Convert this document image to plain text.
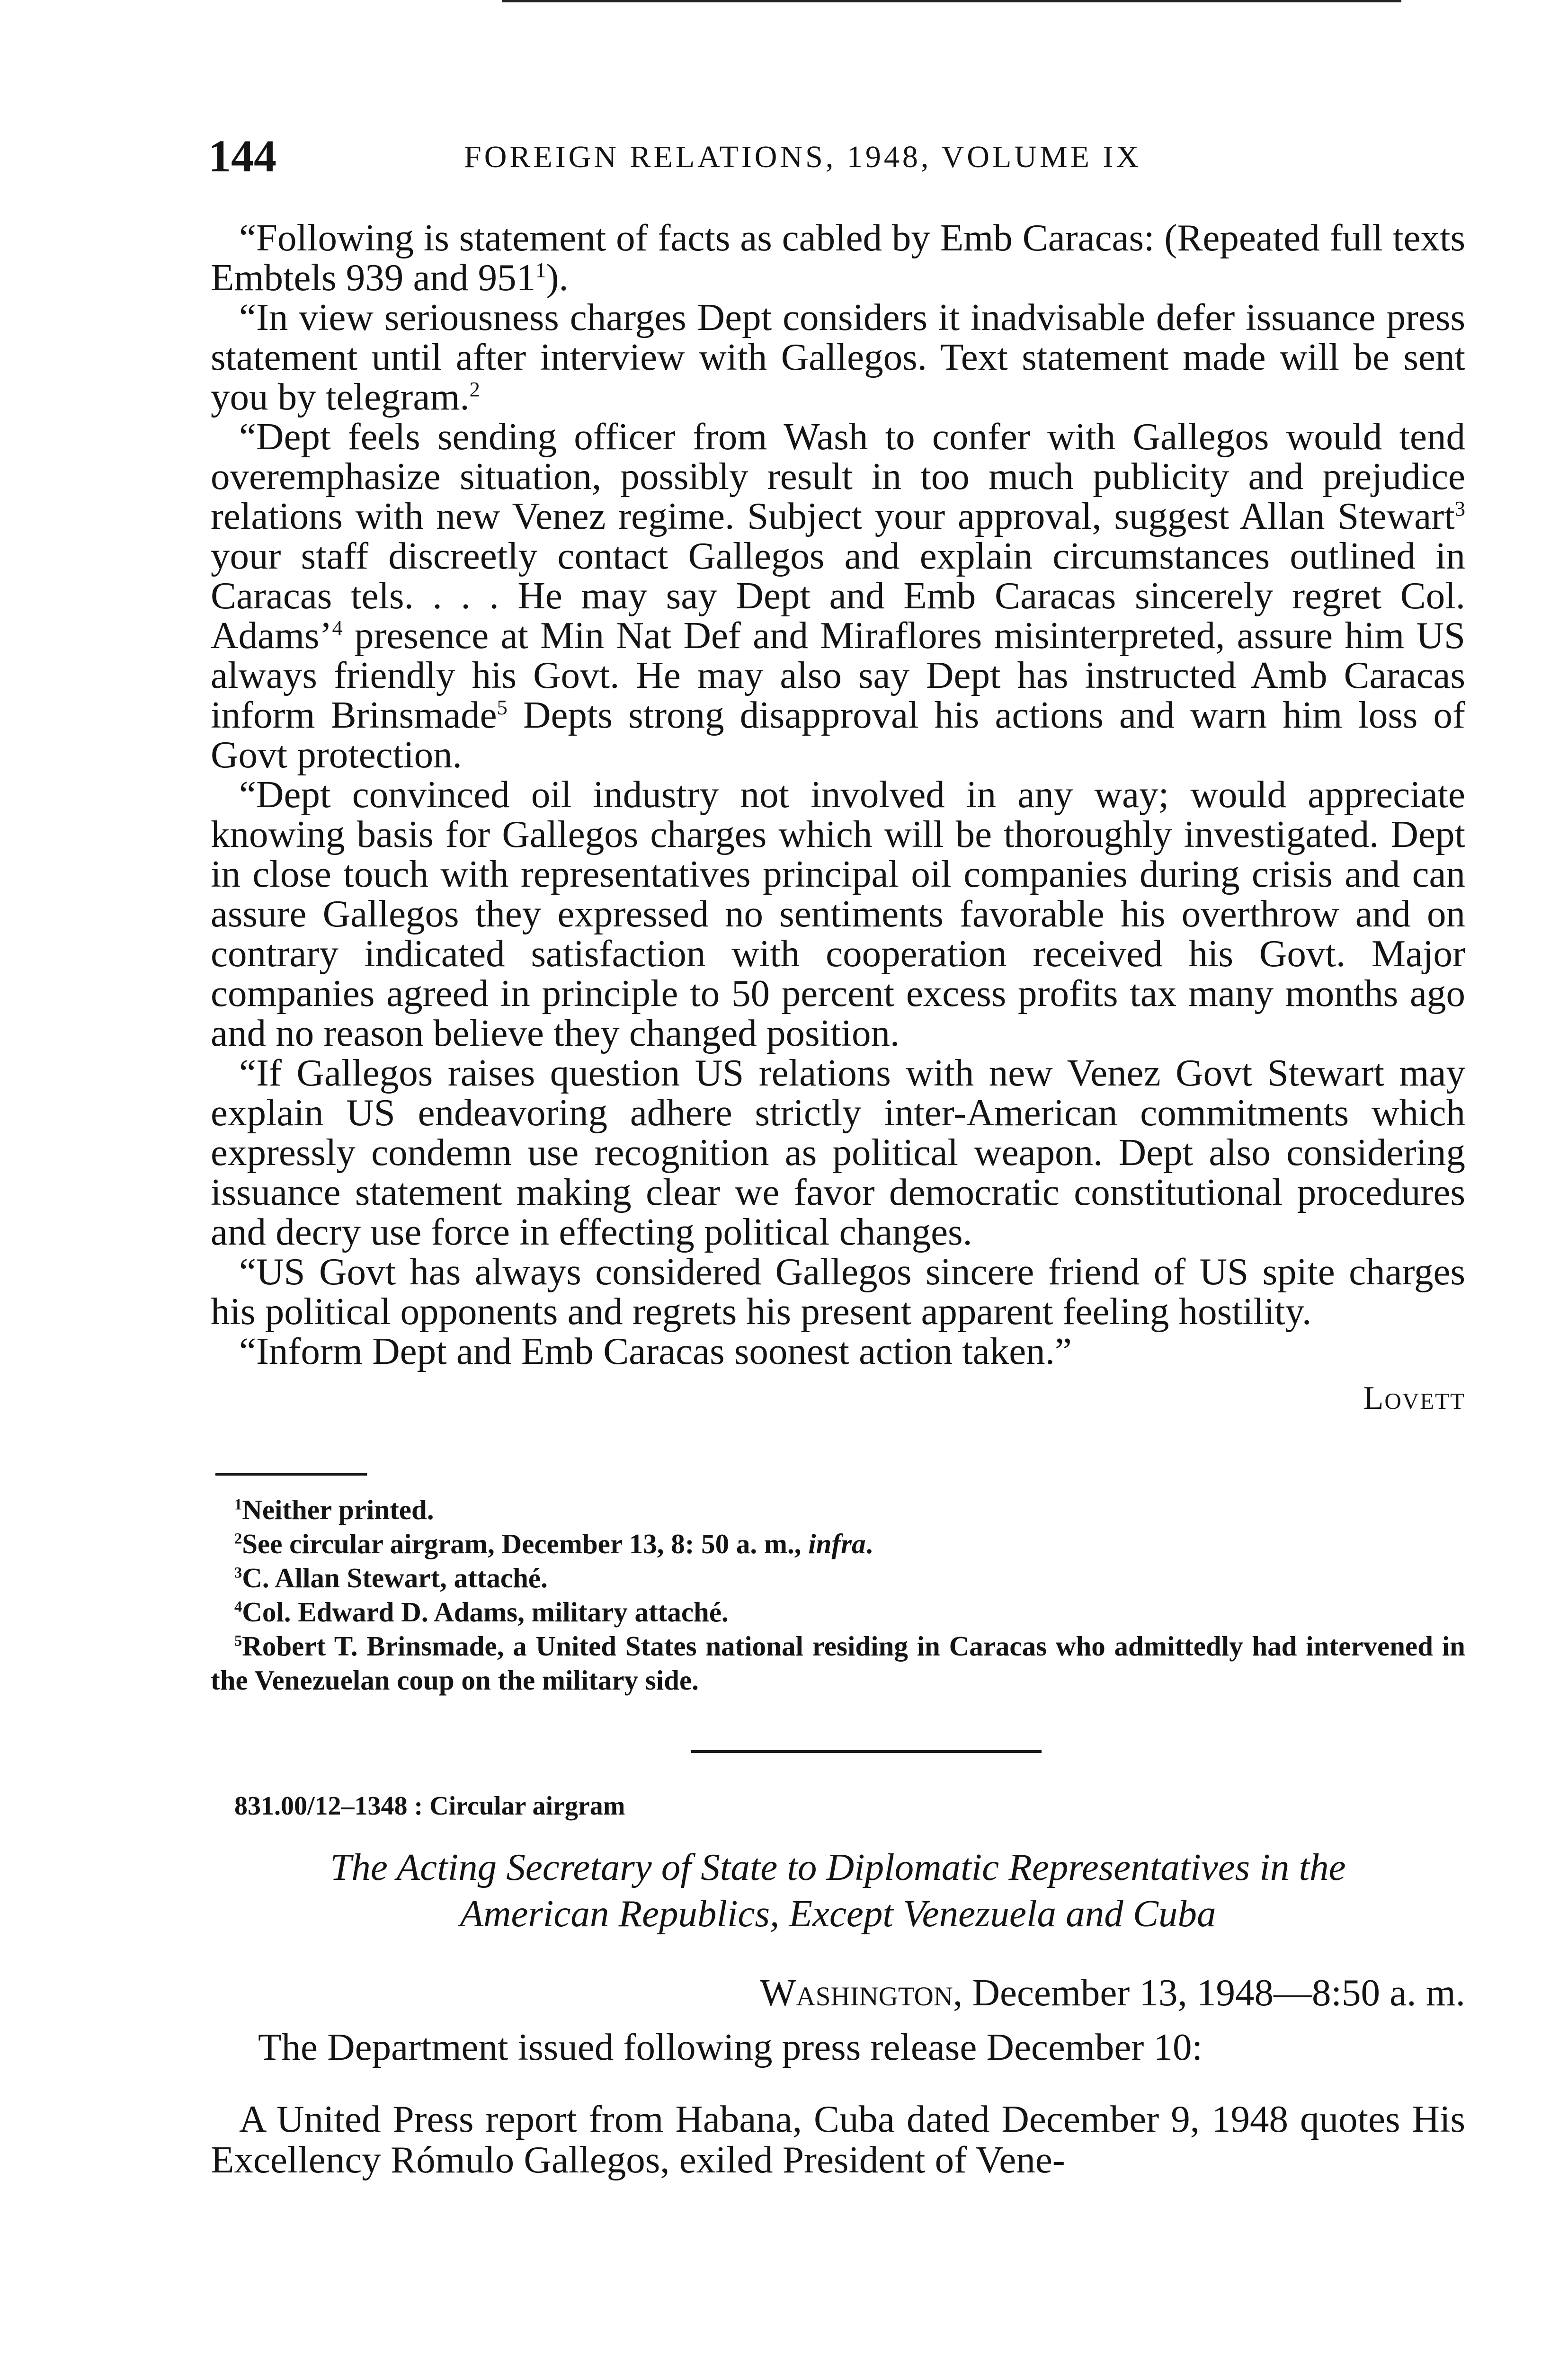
144	FOREIGN RELATIONS, 1948, VOLUME IX

“Following is statement of facts as cabled by Emb Caracas: (Repeated full texts Embtels 939 and $951^1$).

“In view seriousness charges Dept considers it inadvisable defer issuance press statement until after interview with Gallegos. Text statement made will be sent you by telegram.$^2$

“Dept feels sending officer from Wash to confer with Gallegos would tend overemphasize situation, possibly result in too much publicity and prejudice relations with new Venez regime. Subject your approval, suggest Allan Stewart$^3$ your staff discreetly contact Gallegos and explain circumstances outlined in Caracas tels. . . . He may say Dept and Emb Caracas sincerely regret Col. Adams’$^4$ presence at Min Nat Def and Miraflores misinterpreted, assure him US always friendly his Govt. He may also say Dept has instructed Amb Caracas inform Brinsmade$^5$ Depts strong disapproval his actions and warn him loss of Govt protection.

“Dept convinced oil industry not involved in any way; would appreciate knowing basis for Gallegos charges which will be thoroughly investigated. Dept in close touch with representatives principal oil companies during crisis and can assure Gallegos they expressed no sentiments favorable his overthrow and on contrary indicated satisfaction with cooperation received his Govt. Major companies agreed in principle to 50 percent excess profits tax many months ago and no reason believe they changed position.

“If Gallegos raises question US relations with new Venez Govt Stewart may explain US endeavoring adhere strictly inter-American commitments which expressly condemn use recognition as political weapon. Dept also considering issuance statement making clear we favor democratic constitutional procedures and decry use force in effecting political changes.

“US Govt has always considered Gallegos sincere friend of US spite charges his political opponents and regrets his present apparent feeling hostility.

“Inform Dept and Emb Caracas soonest action taken.”

Lovett
$^1$Neither printed.
$^2$See circular airgram, December 13, 8: 50 a. m., infra.
$^3$C. Allan Stewart, attaché.
$^4$Col. Edward D. Adams, military attaché.
$^5$Robert T. Brinsmade, a United States national residing in Caracas who admittedly had intervened in the Venezuelan coup on the military side.
831.00/12–1348 : Circular airgram
The Acting Secretary of State to Diplomatic Representatives in the
American Republics, Except Venezuela and Cuba
Washington, December 13, 1948—8:50 a. m.
The Department issued following press release December 10:
A United Press report from Habana, Cuba dated December 9, 1948 quotes His Excellency Rómulo Gallegos, exiled President of Vene-
